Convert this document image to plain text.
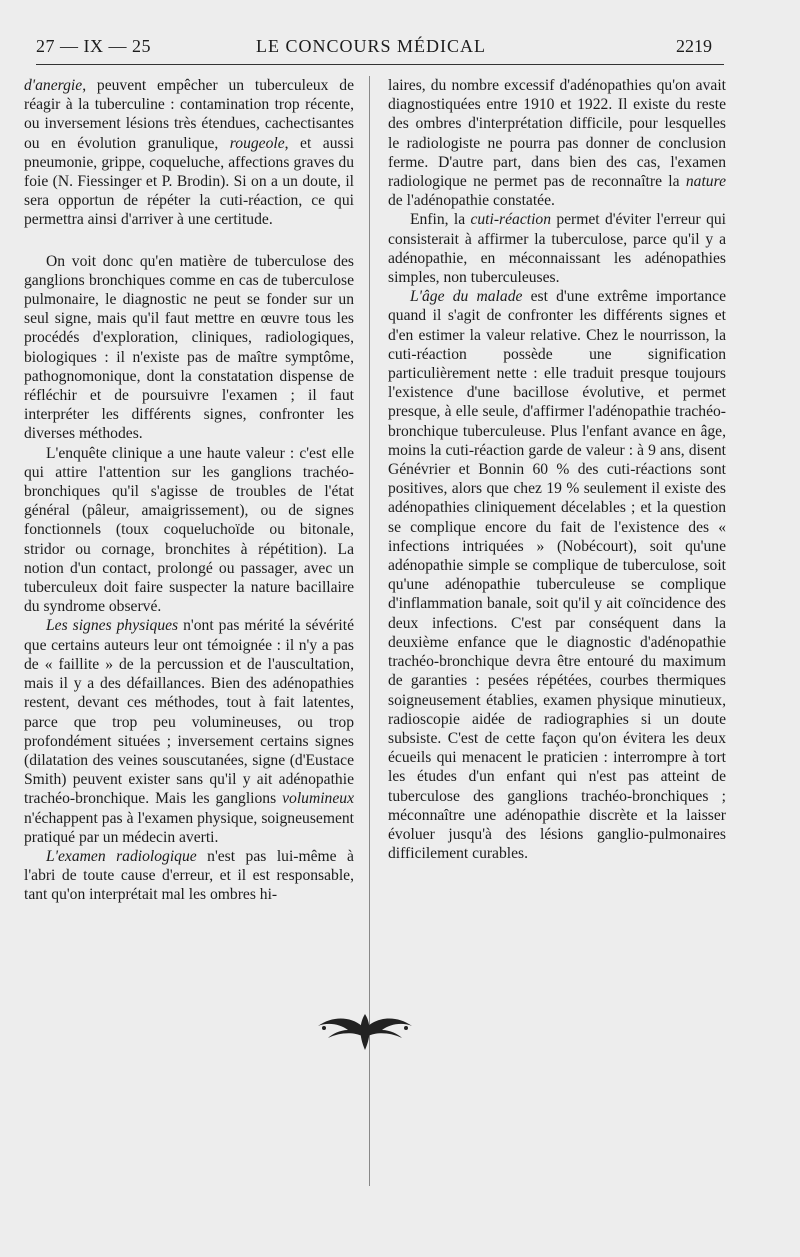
27 — IX — 25	LE CONCOURS MÉDICAL	2219

d'anergie, peuvent empêcher un tuberculeux de réagir à la tuberculine : contamination trop récente, ou inversement lésions très étendues, cachectisantes ou en évolution granulique, rougeole, et aussi pneumonie, grippe, coqueluche, affections graves du foie (N. Fiessinger et P. Brodin). Si on a un doute, il sera opportun de répéter la cuti-réaction, ce qui permettra ainsi d'arriver à une certitude.

On voit donc qu'en matière de tuberculose des ganglions bronchiques comme en cas de tuberculose pulmonaire, le diagnostic ne peut se fonder sur un seul signe, mais qu'il faut mettre en œuvre tous les procédés d'exploration, cliniques, radiologiques, biologiques : il n'existe pas de maître symptôme, pathognomonique, dont la constatation dispense de réfléchir et de poursuivre l'examen ; il faut interpréter les différents signes, confronter les diverses méthodes.

L'enquête clinique a une haute valeur : c'est elle qui attire l'attention sur les ganglions trachéo-bronchiques qu'il s'agisse de troubles de l'état général (pâleur, amaigrissement), ou de signes fonctionnels (toux coqueluchoïde ou bitonale, stridor ou cornage, bronchites à répétition). La notion d'un contact, prolongé ou passager, avec un tuberculeux doit faire suspecter la nature bacillaire du syndrome observé.

Les signes physiques n'ont pas mérité la sévérité que certains auteurs leur ont témoignée : il n'y a pas de « faillite » de la percussion et de l'auscultation, mais il y a des défaillances. Bien des adénopathies restent, devant ces méthodes, tout à fait latentes, parce que trop peu volumineuses, ou trop profondément situées ; inversement certains signes (dilatation des veines souscutanées, signe (d'Eustace Smith) peuvent exister sans qu'il y ait adénopathie trachéo-bronchique. Mais les ganglions volumineux n'échappent pas à l'examen physique, soigneusement pratiqué par un médecin averti.

L'examen radiologique n'est pas lui-même à l'abri de toute cause d'erreur, et il est responsable, tant qu'on interprétait mal les ombres hi-

laires, du nombre excessif d'adénopathies qu'on avait diagnostiquées entre 1910 et 1922. Il existe du reste des ombres d'interprétation difficile, pour lesquelles le radiologiste ne pourra pas donner de conclusion ferme. D'autre part, dans bien des cas, l'examen radiologique ne permet pas de reconnaître la nature de l'adénopathie constatée.

Enfin, la cuti-réaction permet d'éviter l'erreur qui consisterait à affirmer la tuberculose, parce qu'il y a adénopathie, en méconnaissant les adénopathies simples, non tuberculeuses.

L'âge du malade est d'une extrême importance quand il s'agit de confronter les différents signes et d'en estimer la valeur relative. Chez le nourrisson, la cuti-réaction possède une signification particulièrement nette : elle traduit presque toujours l'existence d'une bacillose évolutive, et permet presque, à elle seule, d'affirmer l'adénopathie trachéo-bronchique tuberculeuse. Plus l'enfant avance en âge, moins la cuti-réaction garde de valeur : à 9 ans, disent Génévrier et Bonnin 60 % des cuti-réactions sont positives, alors que chez 19 % seulement il existe des adénopathies cliniquement décelables ; et la question se complique encore du fait de l'existence des « infections intriquées » (Nobécourt), soit qu'une adénopathie simple se complique de tuberculose, soit qu'une adénopathie tuberculeuse se complique d'inflammation banale, soit qu'il y ait coïncidence des deux infections. C'est par conséquent dans la deuxième enfance que le diagnostic d'adénopathie trachéo-bronchique devra être entouré du maximum de garanties : pesées répétées, courbes thermiques soigneusement établies, examen physique minutieux, radioscopie aidée de radiographies si un doute subsiste. C'est de cette façon qu'on évitera les deux écueils qui menacent le praticien : interrompre à tort les études d'un enfant qui n'est pas atteint de tuberculose des ganglions trachéo-bronchiques ; méconnaître une adénopathie discrète et la laisser évoluer jusqu'à des lésions ganglio-pulmonaires difficilement curables.
